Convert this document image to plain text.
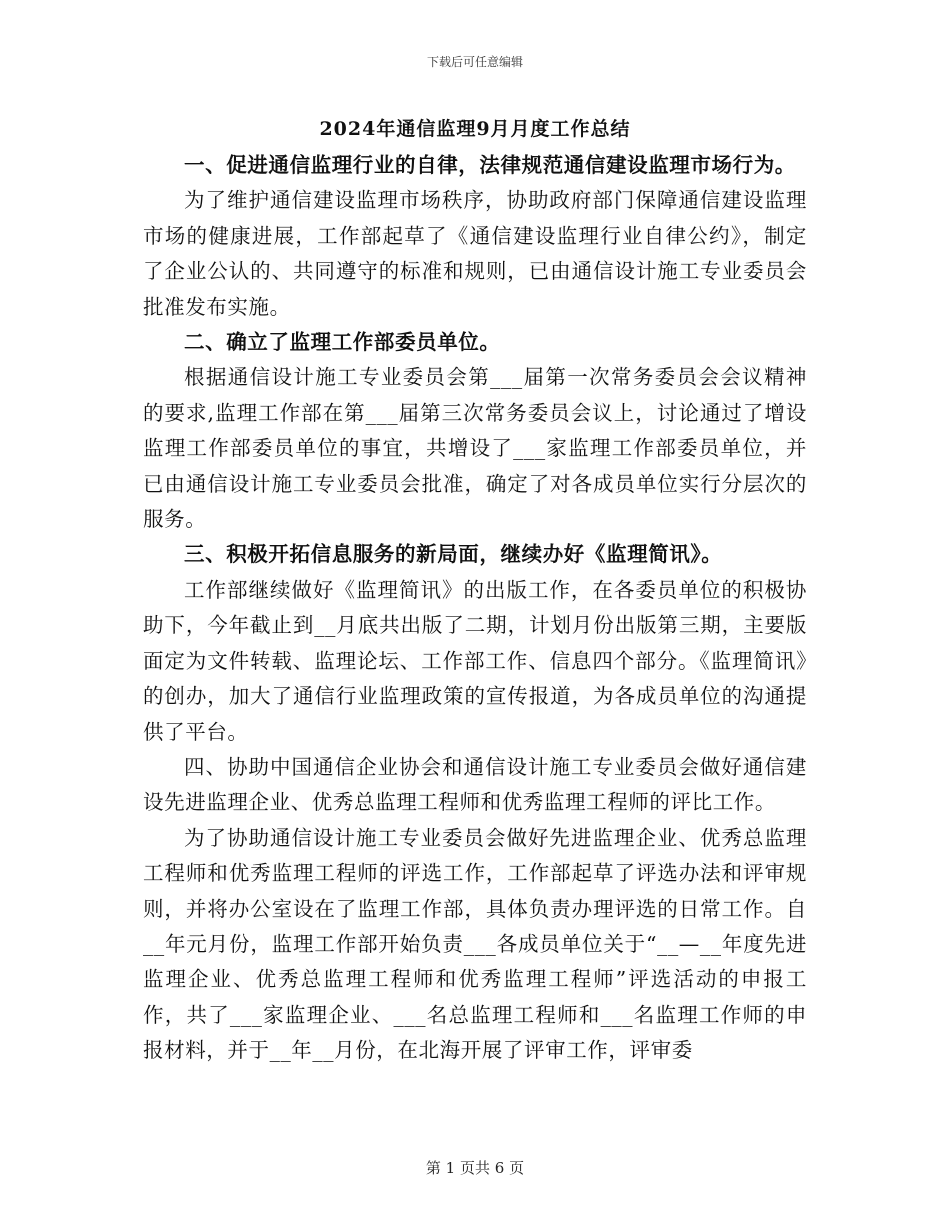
下载后可任意编辑
2024年通信监理9月月度工作总结

一、促进通信监理行业的自律，法律规范通信建设监理市场行为。

为了维护通信建设监理市场秩序，协助政府部门保障通信建设监理市场的健康进展，工作部起草了《通信建设监理行业自律公约》，制定了企业公认的、共同遵守的标准和规则，已由通信设计施工专业委员会批准发布实施。

二、确立了监理工作部委员单位。

根据通信设计施工专业委员会第___届第一次常务委员会会议精神的要求,监理工作部在第___届第三次常务委员会议上，讨论通过了增设监理工作部委员单位的事宜，共增设了___家监理工作部委员单位，并已由通信设计施工专业委员会批准，确定了对各成员单位实行分层次的服务。

三、积极开拓信息服务的新局面，继续办好《监理简讯》。

工作部继续做好《监理简讯》的出版工作，在各委员单位的积极协助下，今年截止到__月底共出版了二期，计划月份出版第三期，主要版面定为文件转载、监理论坛、工作部工作、信息四个部分。《监理简讯》的创办，加大了通信行业监理政策的宣传报道，为各成员单位的沟通提供了平台。

四、协助中国通信企业协会和通信设计施工专业委员会做好通信建设先进监理企业、优秀总监理工程师和优秀监理工程师的评比工作。

为了协助通信设计施工专业委员会做好先进监理企业、优秀总监理工程师和优秀监理工程师的评选工作，工作部起草了评选办法和评审规则，并将办公室设在了监理工作部，具体负责办理评选的日常工作。自__年元月份，监理工作部开始负责___各成员单位关于“__—__年度先进监理企业、优秀总监理工程师和优秀监理工程师”评选活动的申报工作，共了___家监理企业、___名总监理工程师和___名监理工作师的申报材料，并于__年__月份，在北海开展了评审工作，评审委

第 1 页共 6 页
